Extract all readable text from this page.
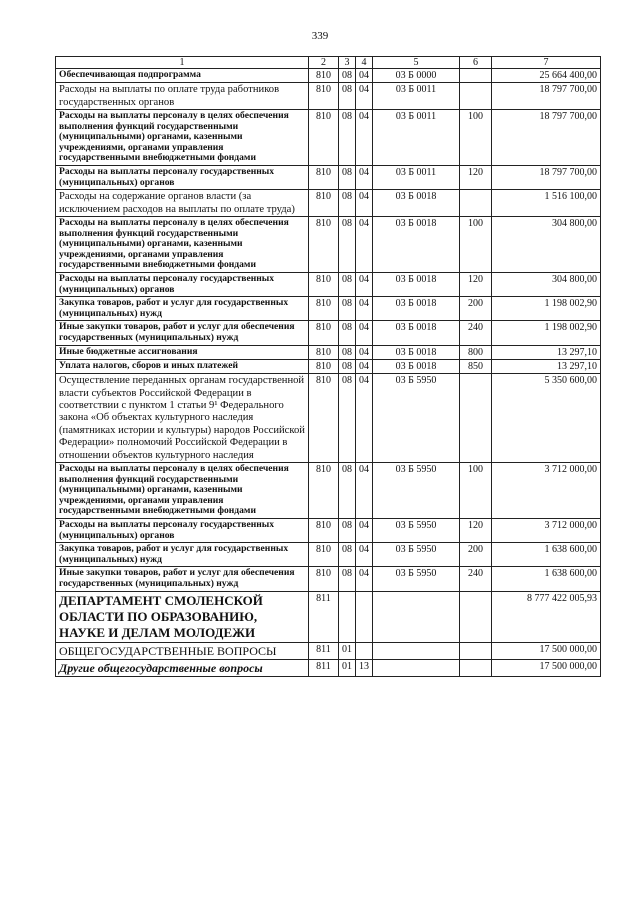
339
1	2	3	4	5	6	7
Обеспечивающая подпрограмма	810	08	04	03 Б 0000		25 664 400,00
Расходы на выплаты по оплате труда работников государственных органов	810	08	04	03 Б 0011		18 797 700,00
Расходы на выплаты персоналу в целях обеспечения выполнения функций государственными (муниципальными) органами, казенными учреждениями, органами управления государственными внебюджетными фондами	810	08	04	03 Б 0011	100	18 797 700,00
Расходы на выплаты персоналу государственных (муниципальных) органов	810	08	04	03 Б 0011	120	18 797 700,00
Расходы на содержание органов власти (за исключением расходов на выплаты по оплате труда)	810	08	04	03 Б 0018		1 516 100,00
Расходы на выплаты персоналу в целях обеспечения выполнения функций государственными (муниципальными) органами, казенными учреждениями, органами управления государственными внебюджетными фондами	810	08	04	03 Б 0018	100	304 800,00
Расходы на выплаты персоналу государственных (муниципальных) органов	810	08	04	03 Б 0018	120	304 800,00
Закупка товаров, работ и услуг для государственных (муниципальных) нужд	810	08	04	03 Б 0018	200	1 198 002,90
Иные закупки товаров, работ и услуг для обеспечения государственных (муниципальных) нужд	810	08	04	03 Б 0018	240	1 198 002,90
Иные бюджетные ассигнования	810	08	04	03 Б 0018	800	13 297,10
Уплата налогов, сборов и иных платежей	810	08	04	03 Б 0018	850	13 297,10
Осуществление переданных органам государственной власти субъектов Российской Федерации в соответствии с пунктом 1 статьи 9¹ Федерального закона «Об объектах культурного наследия (памятниках истории и культуры) народов Российской Федерации» полномочий Российской Федерации в отношении объектов культурного наследия	810	08	04	03 Б 5950		5 350 600,00
Расходы на выплаты персоналу в целях обеспечения выполнения функций государственными (муниципальными) органами, казенными учреждениями, органами управления государственными внебюджетными фондами	810	08	04	03 Б 5950	100	3 712 000,00
Расходы на выплаты персоналу государственных (муниципальных) органов	810	08	04	03 Б 5950	120	3 712 000,00
Закупка товаров, работ и услуг для государственных (муниципальных) нужд	810	08	04	03 Б 5950	200	1 638 600,00
Иные закупки товаров, работ и услуг для обеспечения государственных (муниципальных) нужд	810	08	04	03 Б 5950	240	1 638 600,00
ДЕПАРТАМЕНТ СМОЛЕНСКОЙ ОБЛАСТИ ПО ОБРАЗОВАНИЮ, НАУКЕ И ДЕЛАМ МОЛОДЕЖИ	811					8 777 422 005,93
ОБЩЕГОСУДАРСТВЕННЫЕ ВОПРОСЫ	811	01				17 500 000,00
Другие общегосударственные вопросы	811	01	13			17 500 000,00
